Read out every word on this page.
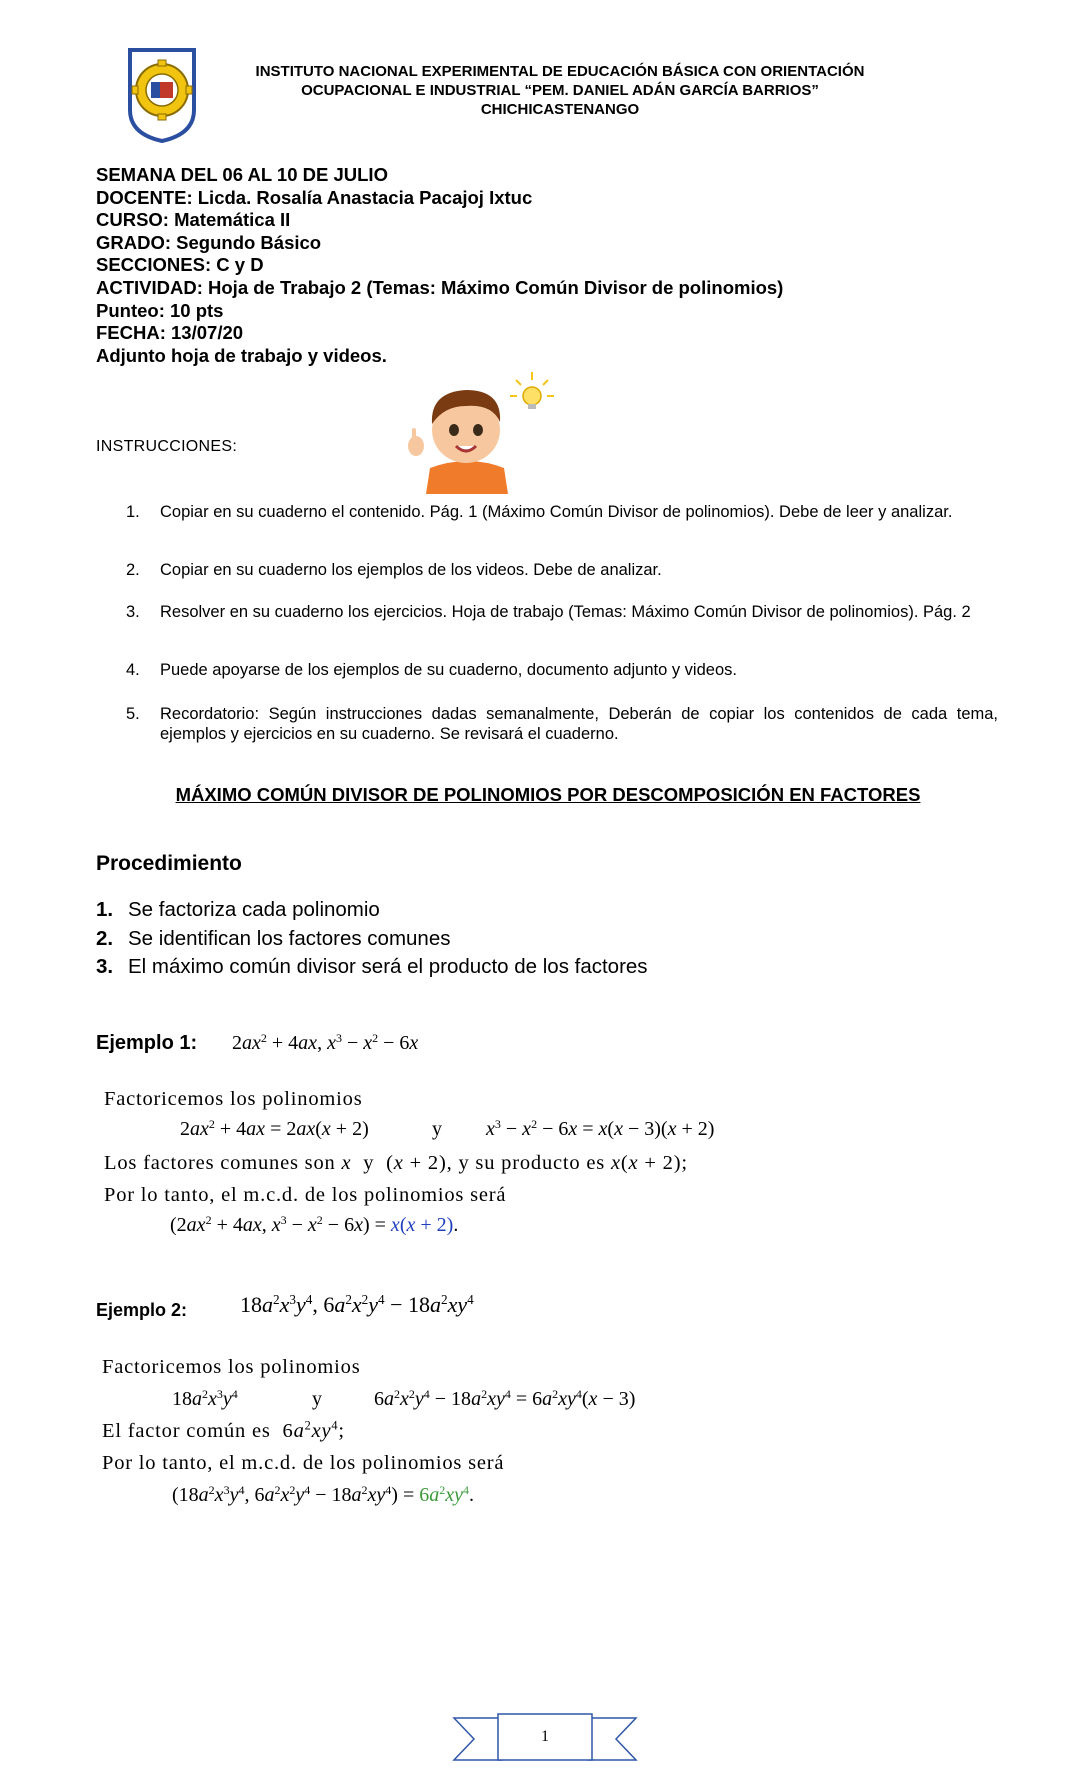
INSTITUTO NACIONAL EXPERIMENTAL DE EDUCACIÓN BÁSICA CON ORIENTACIÓN
OCUPACIONAL E INDUSTRIAL “PEM. DANIEL ADÁN GARCÍA BARRIOS”
CHICHICASTENANGO
SEMANA DEL 06 AL 10 DE JULIO
DOCENTE: Licda. Rosalía Anastacia Pacajoj Ixtuc
CURSO: Matemática II
GRADO: Segundo Básico
SECCIONES: C y D
ACTIVIDAD: Hoja de Trabajo 2 (Temas: Máximo Común Divisor de polinomios)
Punteo: 10 pts
FECHA: 13/07/20
Adjunto hoja de trabajo y videos.
INSTRUCCIONES:
1. Copiar en su cuaderno el contenido. Pág. 1 (Máximo Común Divisor de polinomios). Debe de leer y analizar.
2. Copiar en su cuaderno los ejemplos de los videos. Debe de analizar.
3. Resolver en su cuaderno los ejercicios. Hoja de trabajo (Temas: Máximo Común Divisor de polinomios). Pág. 2
4. Puede apoyarse de los ejemplos de su cuaderno, documento adjunto y videos.
5. Recordatorio: Según instrucciones dadas semanalmente, Deberán de copiar los contenidos de cada tema, ejemplos y ejercicios en su cuaderno. Se revisará el cuaderno.
MÁXIMO COMÚN DIVISOR DE POLINOMIOS POR DESCOMPOSICIÓN EN FACTORES
Procedimiento
1. Se factoriza cada polinomio
2. Se identifican los factores comunes
3. El máximo común divisor será el producto de los factores
Ejemplo 1: $2ax^2 + 4ax$, $x^3 - x^2 - 6x$
Factoricemos los polinomios
$2ax^2 + 4ax = 2ax(x + 2)$	y $x^3 - x^2 - 6x = x(x - 3)(x + 2)$
Los factores comunes son x y  (x + 2), y su producto es x(x + 2);
Por lo tanto, el m.c.d. de los polinomios será
($2ax^2 + 4ax$, $x^3 - x^2 - 6x) = x(x + 2)$.
Ejemplo 2: $18a^2x^3y^4$, $6a^2x^2y^4 - 18a^2xy^4$
Factoricemos los polinomios
$18a^2x^3y^4$	y	$6a^2x^2y^4 - 18a^2xy^4 = 6a^2xy^4(x - 3)$
El factor común es  $6a^2xy^4$;
Por lo tanto, el m.c.d. de los polinomios será
($18a^2x^3y^4$, $6a^2x^2y^4 - 18a^2xy^4) = 6a^2xy^4$.
1
